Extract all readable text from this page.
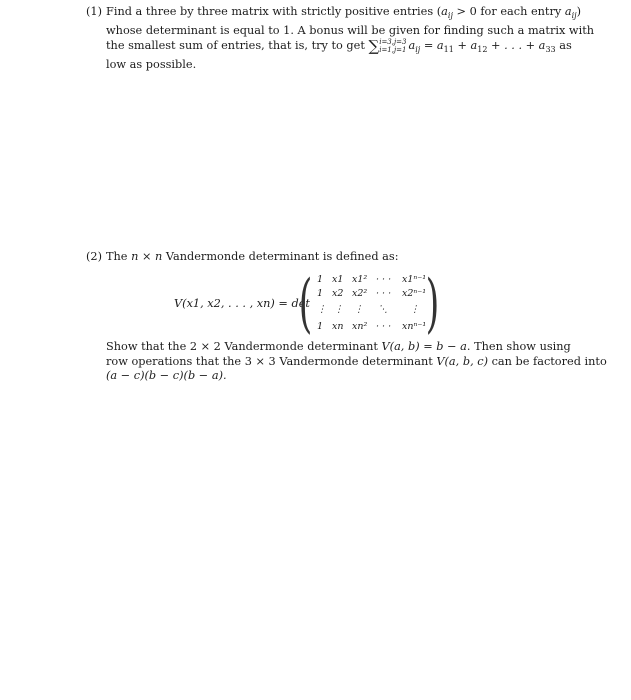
(1) Find a three by three matrix with strictly positive entries ($a_{ij} > 0$ for each entry $a_{ij}$)
whose determinant is equal to 1. A bonus will be given for finding such a matrix with
the smallest sum of entries, that is, try to get ∑i=3,j=3
i=1,j=1 $a_{ij} = a_{11} + a_{12}$ + . . . + $a_{33}$ as
low as possible.
(2) The n × n Vandermonde determinant is defined as:
V(x1, x2, . . . , xn) = det
( 1 x1 x1² · · · x1ⁿ⁻¹
1 x2 x2² · · · x2ⁿ⁻¹
⋮ ⋮ ⋮ ⋱ ⋮
1 xn xn² · · · xnⁿ⁻¹ )
Show that the 2 × 2 Vandermonde determinant V(a, b) = b − a. Then show using
row operations that the 3 × 3 Vandermonde determinant V(a, b, c) can be factored into
(a − c)(b − c)(b − a).
